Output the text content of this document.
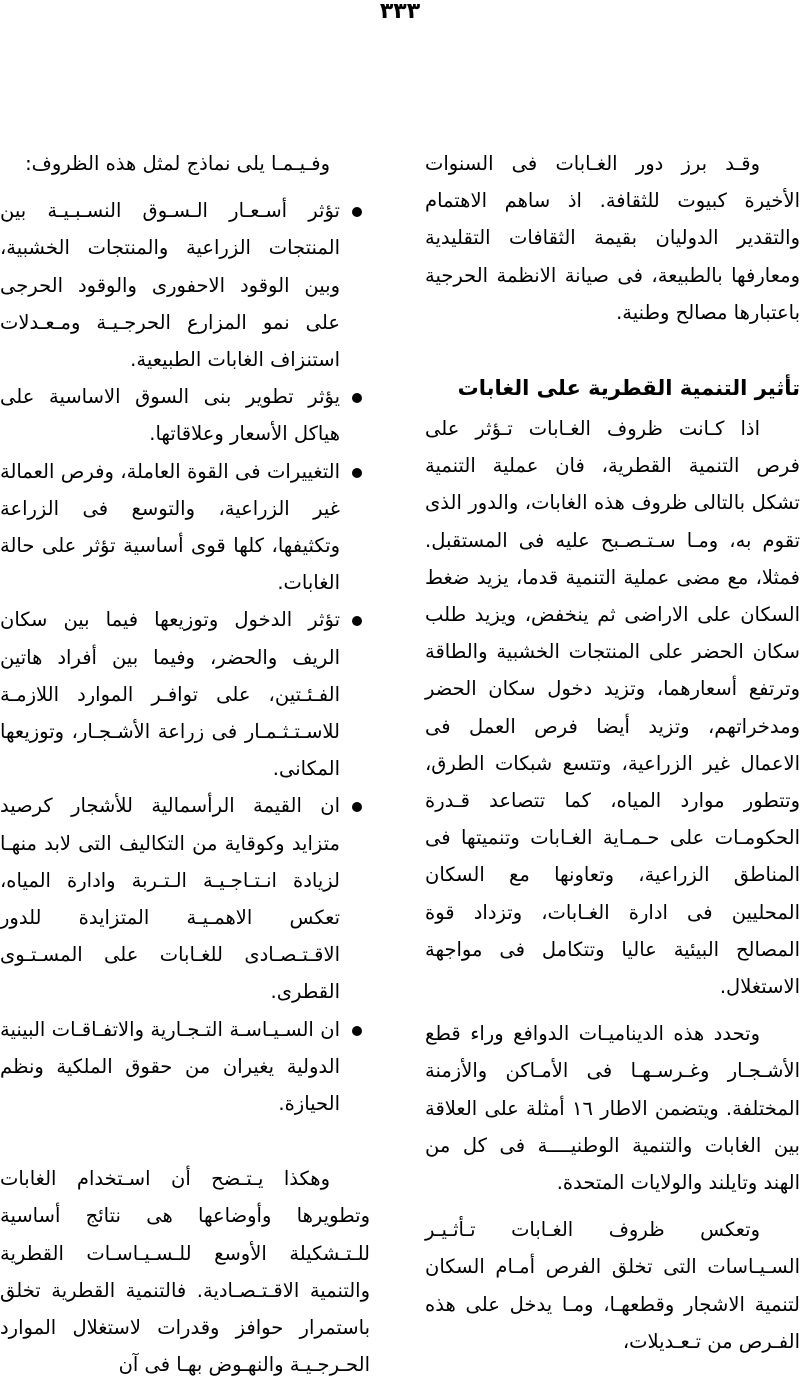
٣٣٣

وقـد برز دور الغـابات فى السنوات الأخيرة كبيوت للثقافة. اذ ساهم الاهتمام والتقدير الدوليان بقيمة الثقافات التقليدية ومعارفها بالطبيعة، فى صيانة الانظمة الحرجية باعتبارها مصالح وطنية.

تأثير التنمية القطرية على الغابات

اذا كـانت ظروف الغـابات تـؤثر على فرص التنمية القطرية، فان عملية التنمية تشكل بالتالى ظروف هذه الغابات، والدور الذى تقوم به، ومـا سـتـصـبح عليه فى المستقبل. فمثلا، مع مضى عملية التنمية قدما، يزيد ضغط السكان على الاراضى ثم ينخفض، ويزيد طلب سكان الحضر على المنتجات الخشبية والطاقة وترتفع أسعارهما، وتزيد دخول سكان الحضر ومدخراتهم، وتزيد أيضا فرص العمل فى الاعمال غير الزراعية، وتتسع شبكات الطرق، وتتطور موارد المياه، كما تتصاعد قـدرة الحكومـات على حـمـاية الغـابات وتنميتها فى المناطق الزراعية، وتعاونها مع السكان المحليين فى ادارة الغـابات، وتزداد قوة المصالح البيئية عاليا وتتكامل فى مواجهة الاستغلال.

وتحدد هذه الديناميـات الدوافع وراء قطع الأشـجـار وغـرسـهـا فى الأمـاكن والأزمنة المختلفة. ويتضمن الاطار ١٦ أمثلة على العلاقة بين الغابات والتنمية الوطنيــــة فى كل من الهند وتايلند والولايات المتحدة.

وتعكس ظروف الغـابات تـأثـيـر السـيـاسات التى تخلق الفرص أمـام السكان لتنمية الاشجار وقطعهـا، ومـا يدخل على هذه الفـرص من تـعـديلات،

وفـيـمـا يلى نماذج لمثل هذه الظروف:

تؤثر أسـعـار الـسـوق النسـبـيـة بين المنتجات الزراعية والمنتجات الخشبية، وبين الوقود الاحفورى والوقود الحرجى على نمو المزارع الحرجـيـة ومـعـدلات استنزاف الغابات الطبيعية.
يؤثر تطوير بنى السوق الاساسية على هياكل الأسعار وعلاقاتها.
التغييرات فى القوة العاملة، وفرص العمالة غير الزراعية، والتوسع فى الزراعة وتكثيفها، كلها قوى أساسية تؤثر على حالة الغابات.
تؤثر الدخول وتوزيعها فيما بين سكان الريف والحضر، وفيما بين أفراد هاتين الفـئـتين، على توافـر الموارد اللازمـة للاسـتـثـمـار فى زراعة الأشـجـار، وتوزيعها المكانى.
ان القيمة الرأسمالية للأشجار كرصيد متزايد وكوقاية من التكاليف التى لابد منهـا لزيادة انـتـاجـيـة الـتـربة وادارة المياه، تعكس الاهمـيـة المتزايدة للدور الاقـتـصـادى للغـابات على المسـتـوى القطرى.
ان السـيـاسـة التـجـارية والاتفـاقـات البينية الدولية يغيران من حقوق الملكية ونظم الحيازة.

وهكذا يـتـضح أن اسـتخدام الغابات وتطويرها وأوضاعها هى نتائج أساسية للـتـشكيلة الأوسع للـسـيـاسـات القطرية والتنمية الاقـتـصـادية. فالتنمية القطرية تخلق باستمرار حوافز وقدرات لاستغلال الموارد الحـرجـيـة والنهـوض بهـا فى آن
